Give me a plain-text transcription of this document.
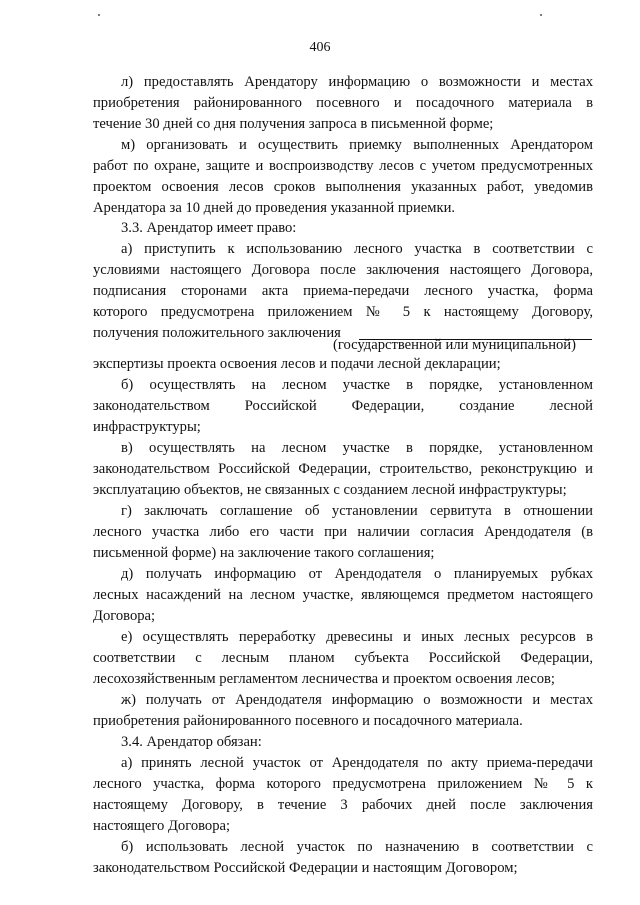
406
л) предоставлять Арендатору информацию о возможности и местах
приобретения районированного посевного и посадочного материала в
течение 30 дней со дня получения запроса в письменной форме;
м) организовать и осуществить приемку выполненных Арендатором
работ по охране, защите и воспроизводству лесов с учетом предусмотренных
проектом освоения лесов сроков выполнения указанных работ, уведомив
Арендатора за 10 дней до проведения указанной приемки.
3.3. Арендатор имеет право:
а) приступить к использованию лесного участка в соответствии с
условиями настоящего Договора после заключения настоящего Договора,
подписания сторонами акта приема-передачи лесного участка, форма
которого предусмотрена приложением № 5 к настоящему Договору,
получения положительного заключения
(государственной или муниципальной)
экспертизы проекта освоения лесов и подачи лесной декларации;
б) осуществлять на лесном участке в порядке, установленном
законодательством Российской Федерации, создание лесной
инфраструктуры;
в) осуществлять на лесном участке в порядке, установленном
законодательством Российской Федерации, строительство, реконструкцию и
эксплуатацию объектов, не связанных с созданием лесной инфраструктуры;
г) заключать соглашение об установлении сервитута в отношении
лесного участка либо его части при наличии согласия Арендодателя (в
письменной форме) на заключение такого соглашения;
д) получать информацию от Арендодателя о планируемых рубках
лесных насаждений на лесном участке, являющемся предметом настоящего
Договора;
е) осуществлять переработку древесины и иных лесных ресурсов в
соответствии с лесным планом субъекта Российской Федерации,
лесохозяйственным регламентом лесничества и проектом освоения лесов;
ж) получать от Арендодателя информацию о возможности и местах
приобретения районированного посевного и посадочного материала.
3.4. Арендатор обязан:
а) принять лесной участок от Арендодателя по акту приема-передачи
лесного участка, форма которого предусмотрена приложением № 5 к
настоящему Договору, в течение 3 рабочих дней после заключения
настоящего Договора;
б) использовать лесной участок по назначению в соответствии с
законодательством Российской Федерации и настоящим Договором;
